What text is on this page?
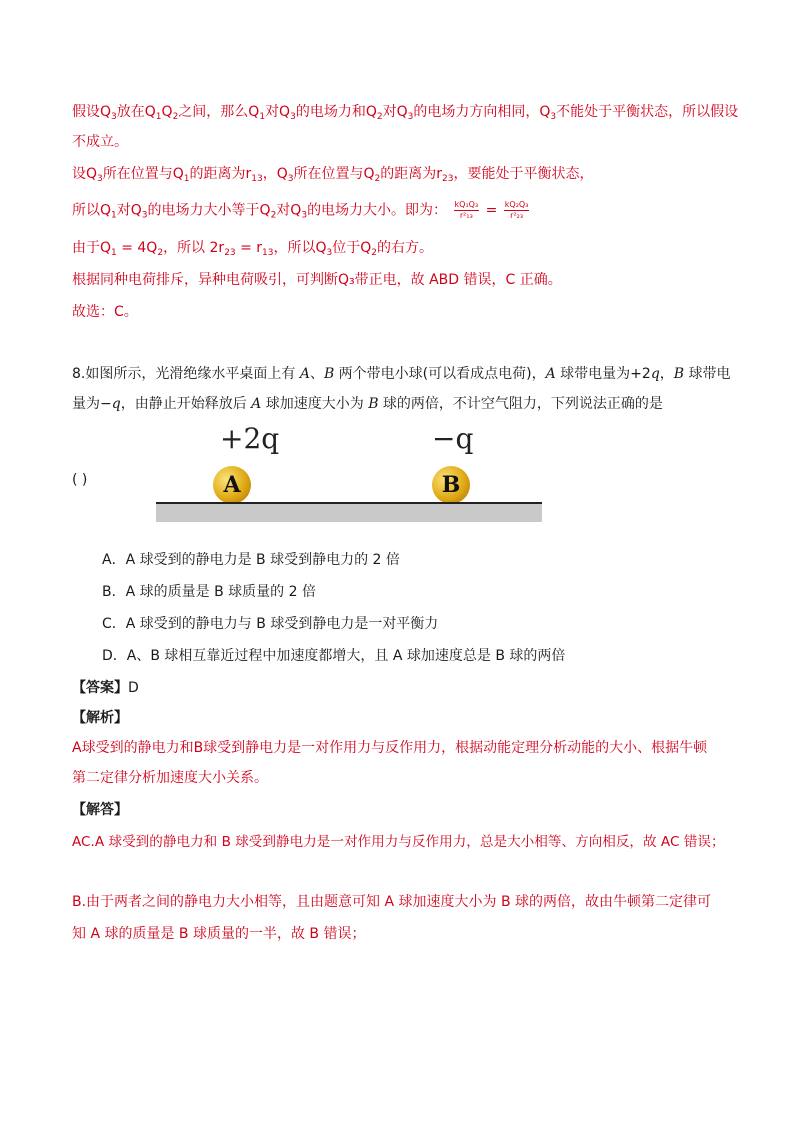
假设$Q_3$放在$Q_1Q_2$之间，那么$Q_1$对$Q_3$的电场力和$Q_2$对$Q_3$的电场力方向相同，$Q_3$不能处于平衡状态，所以假设
不成立。
设$Q_3$所在位置与$Q_1$的距离为$r_{13}$，$Q_3$所在位置与$Q_2$的距离为$r_{23}$，要能处于平衡状态，
所以$Q_1$对$Q_3$的电场力大小等于$Q_2$对$Q_3$的电场力大小。即为： $\frac{\text{kQ₁Q₃}}{\text{r²₁₃}} = \frac{\text{kQ₂Q₃}}{\text{r²₂₃}}$
由于$Q_1 = 4Q_2$，所以 $2r_{23} = r_{13}$，所以$Q_3$位于$Q_2$的右方。
根据同种电荷排斥，异种电荷吸引，可判断Q₃带正电，故 ABD 错误，C 正确。
故选：C。
8.如图所示，光滑绝缘水平桌面上有 A、B 两个带电小球(可以看成点电荷)，A 球带电量为+2q，B 球带电
量为−q，由静止开始释放后 A 球加速度大小为 B 球的两倍，不计空气阻力，下列说法正确的是
( )
+2q	−q
A	B
A．A 球受到的静电力是 B 球受到静电力的 2 倍
B．A 球的质量是 B 球质量的 2 倍
C．A 球受到的静电力与 B 球受到静电力是一对平衡力
D．A、B 球相互靠近过程中加速度都增大，且 A 球加速度总是 B 球的两倍
【答案】D
【解析】
A球受到的静电力和B球受到静电力是一对作用力与反作用力，根据动能定理分析动能的大小、根据牛顿
第二定律分析加速度大小关系。
【解答】
AC.A 球受到的静电力和 B 球受到静电力是一对作用力与反作用力，总是大小相等、方向相反，故 AC 错误；
B.由于两者之间的静电力大小相等，且由题意可知 A 球加速度大小为 B 球的两倍，故由牛顿第二定律可
知 A 球的质量是 B 球质量的一半，故 B 错误；
